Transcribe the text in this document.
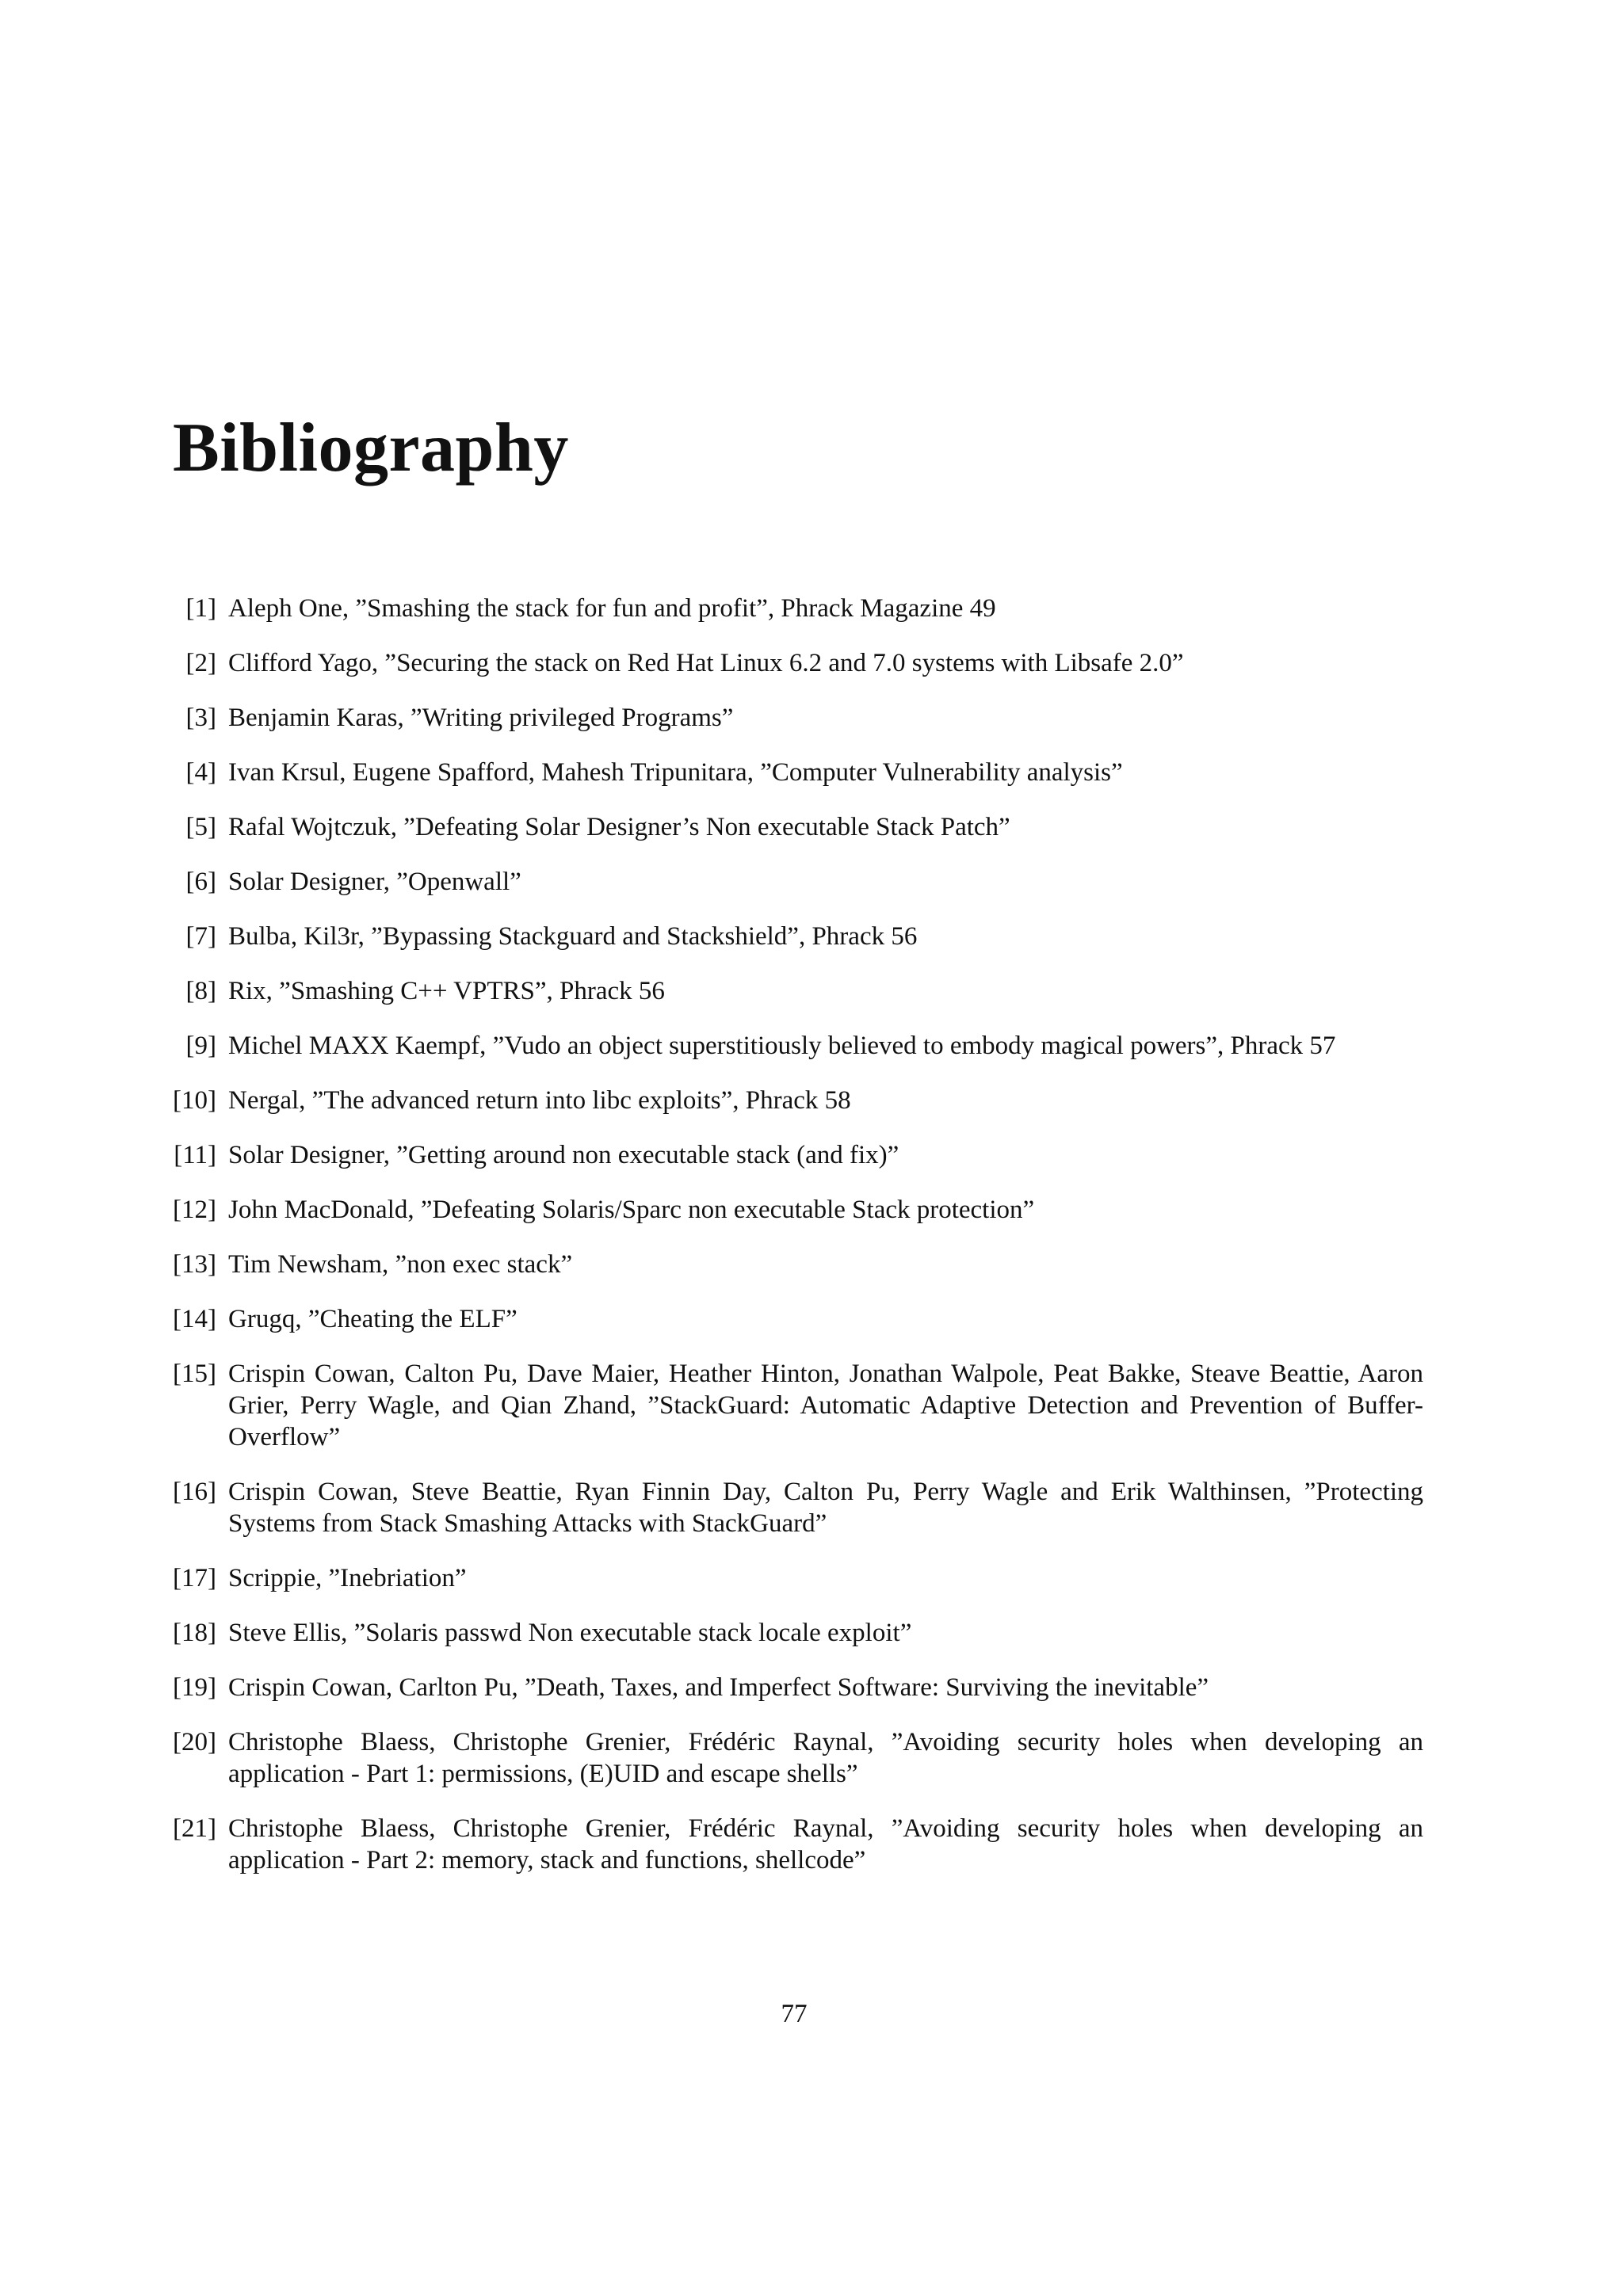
Bibliography
[1] Aleph One, ”Smashing the stack for fun and profit”, Phrack Magazine 49
[2] Clifford Yago, ”Securing the stack on Red Hat Linux 6.2 and 7.0 systems with Libsafe 2.0”
[3] Benjamin Karas, ”Writing privileged Programs”
[4] Ivan Krsul, Eugene Spafford, Mahesh Tripunitara, ”Computer Vulnerability analysis”
[5] Rafal Wojtczuk, ”Defeating Solar Designer’s Non executable Stack Patch”
[6] Solar Designer, ”Openwall”
[7] Bulba, Kil3r, ”Bypassing Stackguard and Stackshield”, Phrack 56
[8] Rix, ”Smashing C++ VPTRS”, Phrack 56
[9] Michel MAXX Kaempf, ”Vudo an object superstitiously believed to embody magical powers”, Phrack 57
[10] Nergal, ”The advanced return into libc exploits”, Phrack 58
[11] Solar Designer, ”Getting around non executable stack (and fix)”
[12] John MacDonald, ”Defeating Solaris/Sparc non executable Stack protection”
[13] Tim Newsham, ”non exec stack”
[14] Grugq, ”Cheating the ELF”
[15] Crispin Cowan, Calton Pu, Dave Maier, Heather Hinton, Jonathan Walpole, Peat Bakke, Steave Beattie, Aaron Grier, Perry Wagle, and Qian Zhand, ”StackGuard: Automatic Adaptive Detection and Prevention of Buffer-Overflow”
[16] Crispin Cowan, Steve Beattie, Ryan Finnin Day, Calton Pu, Perry Wagle and Erik Walthinsen, ”Protecting Systems from Stack Smashing Attacks with StackGuard”
[17] Scrippie, ”Inebriation”
[18] Steve Ellis, ”Solaris passwd Non executable stack locale exploit”
[19] Crispin Cowan, Carlton Pu, ”Death, Taxes, and Imperfect Software: Surviving the inevitable”
[20] Christophe Blaess, Christophe Grenier, Frédéric Raynal, ”Avoiding security holes when developing an application - Part 1: permissions, (E)UID and escape shells”
[21] Christophe Blaess, Christophe Grenier, Frédéric Raynal, ”Avoiding security holes when developing an application - Part 2: memory, stack and functions, shellcode”
77
